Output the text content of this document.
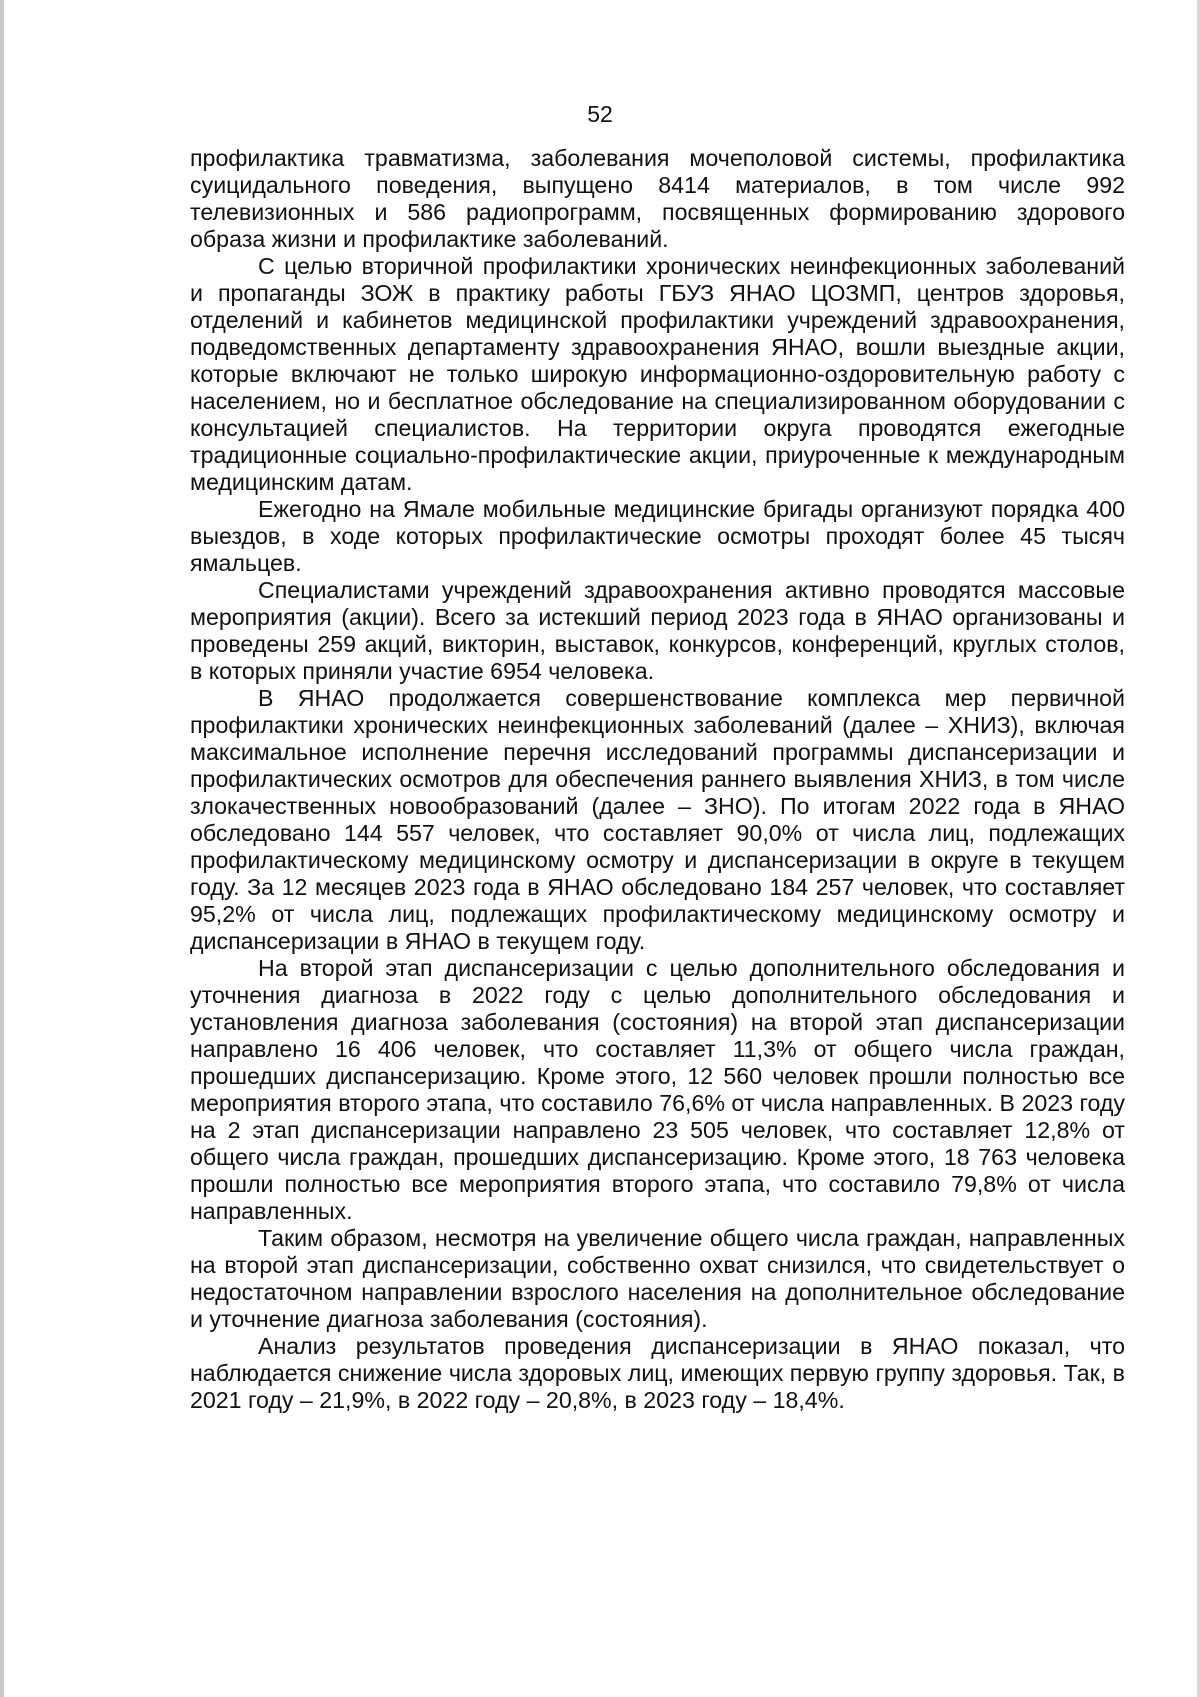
52

профилактика травматизма, заболевания мочеполовой системы, профилактика суицидального поведения, выпущено 8414 материалов, в том числе 992 телевизионных и 586 радиопрограмм, посвященных формированию здорового образа жизни и профилактике заболеваний.

С целью вторичной профилактики хронических неинфекционных заболеваний и пропаганды ЗОЖ в практику работы ГБУЗ ЯНАО ЦОЗМП, центров здоровья, отделений и кабинетов медицинской профилактики учреждений здравоохранения, подведомственных департаменту здравоохранения ЯНАО, вошли выездные акции, которые включают не только широкую информационно-оздоровительную работу с населением, но и бесплатное обследование на специализированном оборудовании с консультацией специалистов. На территории округа проводятся ежегодные традиционные социально-профилактические акции, приуроченные к международным медицинским датам.

Ежегодно на Ямале мобильные медицинские бригады организуют порядка 400 выездов, в ходе которых профилактические осмотры проходят более 45 тысяч ямальцев.

Специалистами учреждений здравоохранения активно проводятся массовые мероприятия (акции). Всего за истекший период 2023 года в ЯНАО организованы и проведены 259 акций, викторин, выставок, конкурсов, конференций, круглых столов, в которых приняли участие 6954 человека.

В ЯНАО продолжается совершенствование комплекса мер первичной профилактики хронических неинфекционных заболеваний (далее – ХНИЗ), включая максимальное исполнение перечня исследований программы диспансеризации и профилактических осмотров для обеспечения раннего выявления ХНИЗ, в том числе злокачественных новообразований (далее – ЗНО). По итогам 2022 года в ЯНАО обследовано 144 557 человек, что составляет 90,0% от числа лиц, подлежащих профилактическому медицинскому осмотру и диспансеризации в округе в текущем году. За 12 месяцев 2023 года в ЯНАО обследовано 184 257 человек, что составляет 95,2% от числа лиц, подлежащих профилактическому медицинскому осмотру и диспансеризации в ЯНАО в текущем году.

На второй этап диспансеризации с целью дополнительного обследования и уточнения диагноза в 2022 году с целью дополнительного обследования и установления диагноза заболевания (состояния) на второй этап диспансеризации направлено 16 406 человек, что составляет 11,3% от общего числа граждан, прошедших диспансеризацию. Кроме этого, 12 560 человек прошли полностью все мероприятия второго этапа, что составило 76,6% от числа направленных. В 2023 году на 2 этап диспансеризации направлено 23 505 человек, что составляет 12,8% от общего числа граждан, прошедших диспансеризацию. Кроме этого, 18 763 человека прошли полностью все мероприятия второго этапа, что составило 79,8% от числа направленных.

Таким образом, несмотря на увеличение общего числа граждан, направленных на второй этап диспансеризации, собственно охват снизился, что свидетельствует о недостаточном направлении взрослого населения на дополнительное обследование и уточнение диагноза заболевания (состояния).

Анализ результатов проведения диспансеризации в ЯНАО показал, что наблюдается снижение числа здоровых лиц, имеющих первую группу здоровья. Так, в 2021 году – 21,9%, в 2022 году – 20,8%, в 2023 году – 18,4%.
